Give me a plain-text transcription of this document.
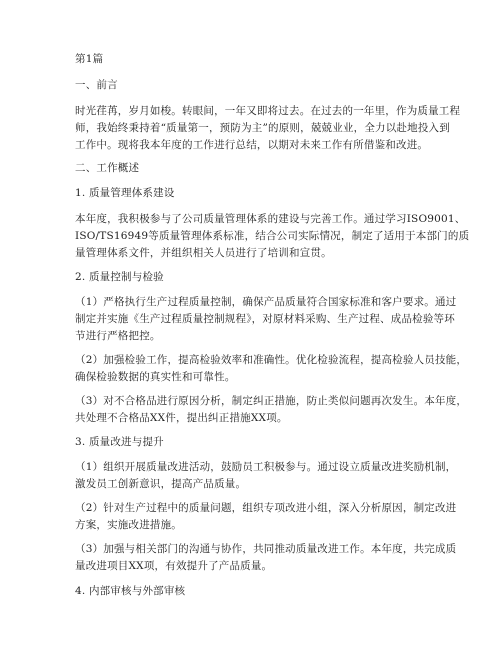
第1篇
一、前言
时光荏苒，岁月如梭。转眼间，一年又即将过去。在过去的一年里，作为质量工程
师，我始终秉持着“质量第一，预防为主”的原则，兢兢业业，全力以赴地投入到
工作中。现将我本年度的工作进行总结，以期对未来工作有所借鉴和改进。
二、工作概述
1. 质量管理体系建设
本年度，我积极参与了公司质量管理体系的建设与完善工作。通过学习ISO9001、
ISO/TS16949等质量管理体系标准，结合公司实际情况，制定了适用于本部门的质
量管理体系文件，并组织相关人员进行了培训和宣贯。
2. 质量控制与检验
（1）严格执行生产过程质量控制，确保产品质量符合国家标准和客户要求。通过
制定并实施《生产过程质量控制规程》，对原材料采购、生产过程、成品检验等环
节进行严格把控。
（2）加强检验工作，提高检验效率和准确性。优化检验流程，提高检验人员技能，
确保检验数据的真实性和可靠性。
（3）对不合格品进行原因分析，制定纠正措施，防止类似问题再次发生。本年度，
共处理不合格品XX件，提出纠正措施XX项。
3. 质量改进与提升
（1）组织开展质量改进活动，鼓励员工积极参与。通过设立质量改进奖励机制，
激发员工创新意识，提高产品质量。
（2）针对生产过程中的质量问题，组织专项改进小组，深入分析原因，制定改进
方案，实施改进措施。
（3）加强与相关部门的沟通与协作，共同推动质量改进工作。本年度，共完成质
量改进项目XX项，有效提升了产品质量。
4. 内部审核与外部审核
